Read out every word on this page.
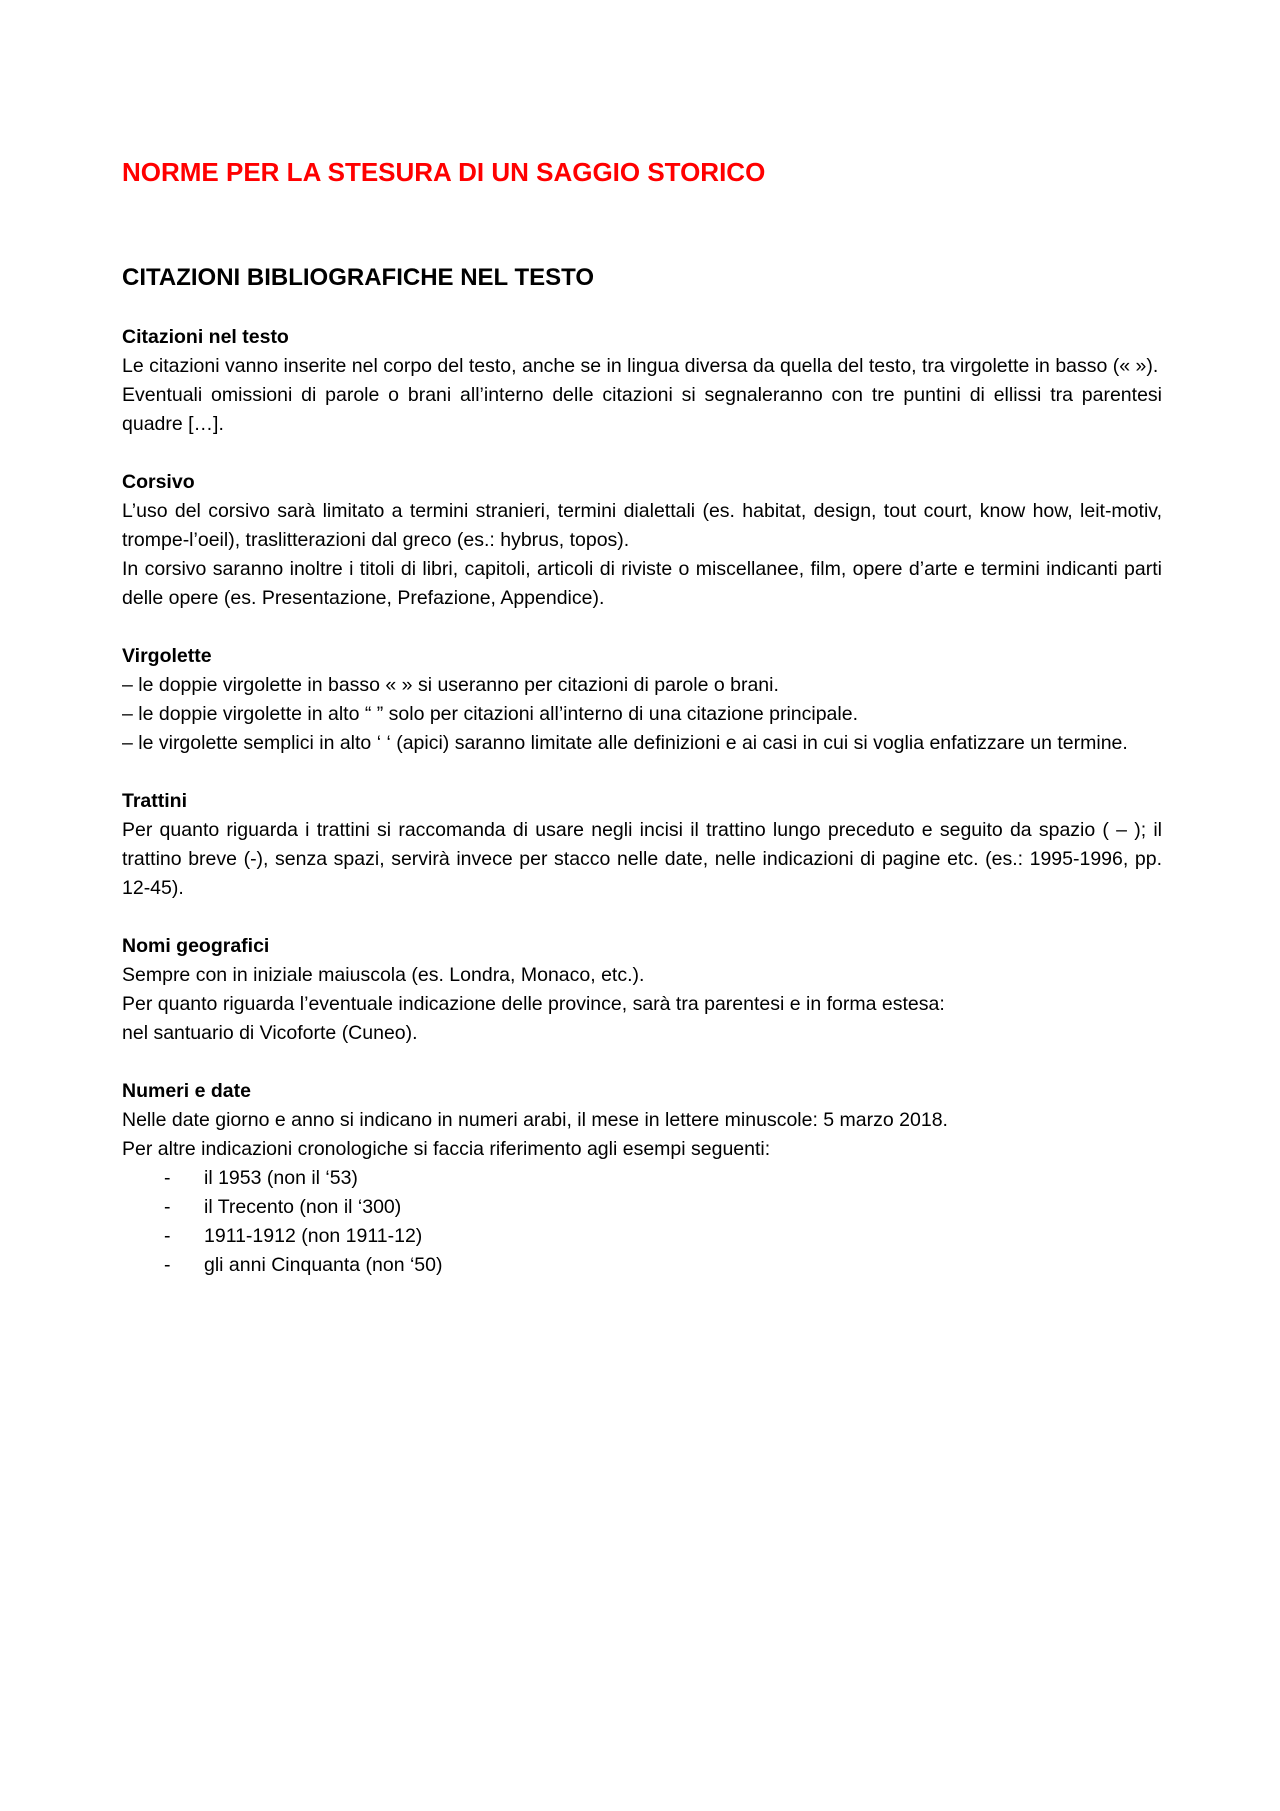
NORME PER LA STESURA DI UN SAGGIO STORICO
CITAZIONI BIBLIOGRAFICHE NEL TESTO
Citazioni nel testo
Le citazioni vanno inserite nel corpo del testo, anche se in lingua diversa da quella del testo, tra virgolette in basso (« »).
Eventuali omissioni di parole o brani all’interno delle citazioni si segnaleranno con tre puntini di ellissi tra parentesi quadre […].
Corsivo
L’uso del corsivo sarà limitato a termini stranieri, termini dialettali (es. habitat, design, tout court, know how, leit-motiv, trompe-l’oeil), traslitterazioni dal greco (es.: hybrus, topos).
In corsivo saranno inoltre i titoli di libri, capitoli, articoli di riviste o miscellanee, film, opere d’arte e termini indicanti parti delle opere (es. Presentazione, Prefazione, Appendice).
Virgolette
– le doppie virgolette in basso « » si useranno per citazioni di parole o brani.
– le doppie virgolette in alto “ ” solo per citazioni all’interno di una citazione principale.
– le virgolette semplici in alto ‘ ‘ (apici) saranno limitate alle definizioni e ai casi in cui si voglia enfatizzare un termine.
Trattini
Per quanto riguarda i trattini si raccomanda di usare negli incisi il trattino lungo preceduto e seguito da spazio ( – ); il trattino breve (-), senza spazi, servirà invece per stacco nelle date, nelle indicazioni di pagine etc. (es.: 1995-1996, pp. 12-45).
Nomi geografici
Sempre con in iniziale maiuscola (es. Londra, Monaco, etc.).
Per quanto riguarda l’eventuale indicazione delle province, sarà tra parentesi e in forma estesa:
nel santuario di Vicoforte (Cuneo).
Numeri e date
Nelle date giorno e anno si indicano in numeri arabi, il mese in lettere minuscole: 5 marzo 2018.
Per altre indicazioni cronologiche si faccia riferimento agli esempi seguenti:
-	il 1953 (non il ‘53)
-	il Trecento (non il ‘300)
-	1911-1912 (non 1911-12)
-	gli anni Cinquanta (non ‘50)
